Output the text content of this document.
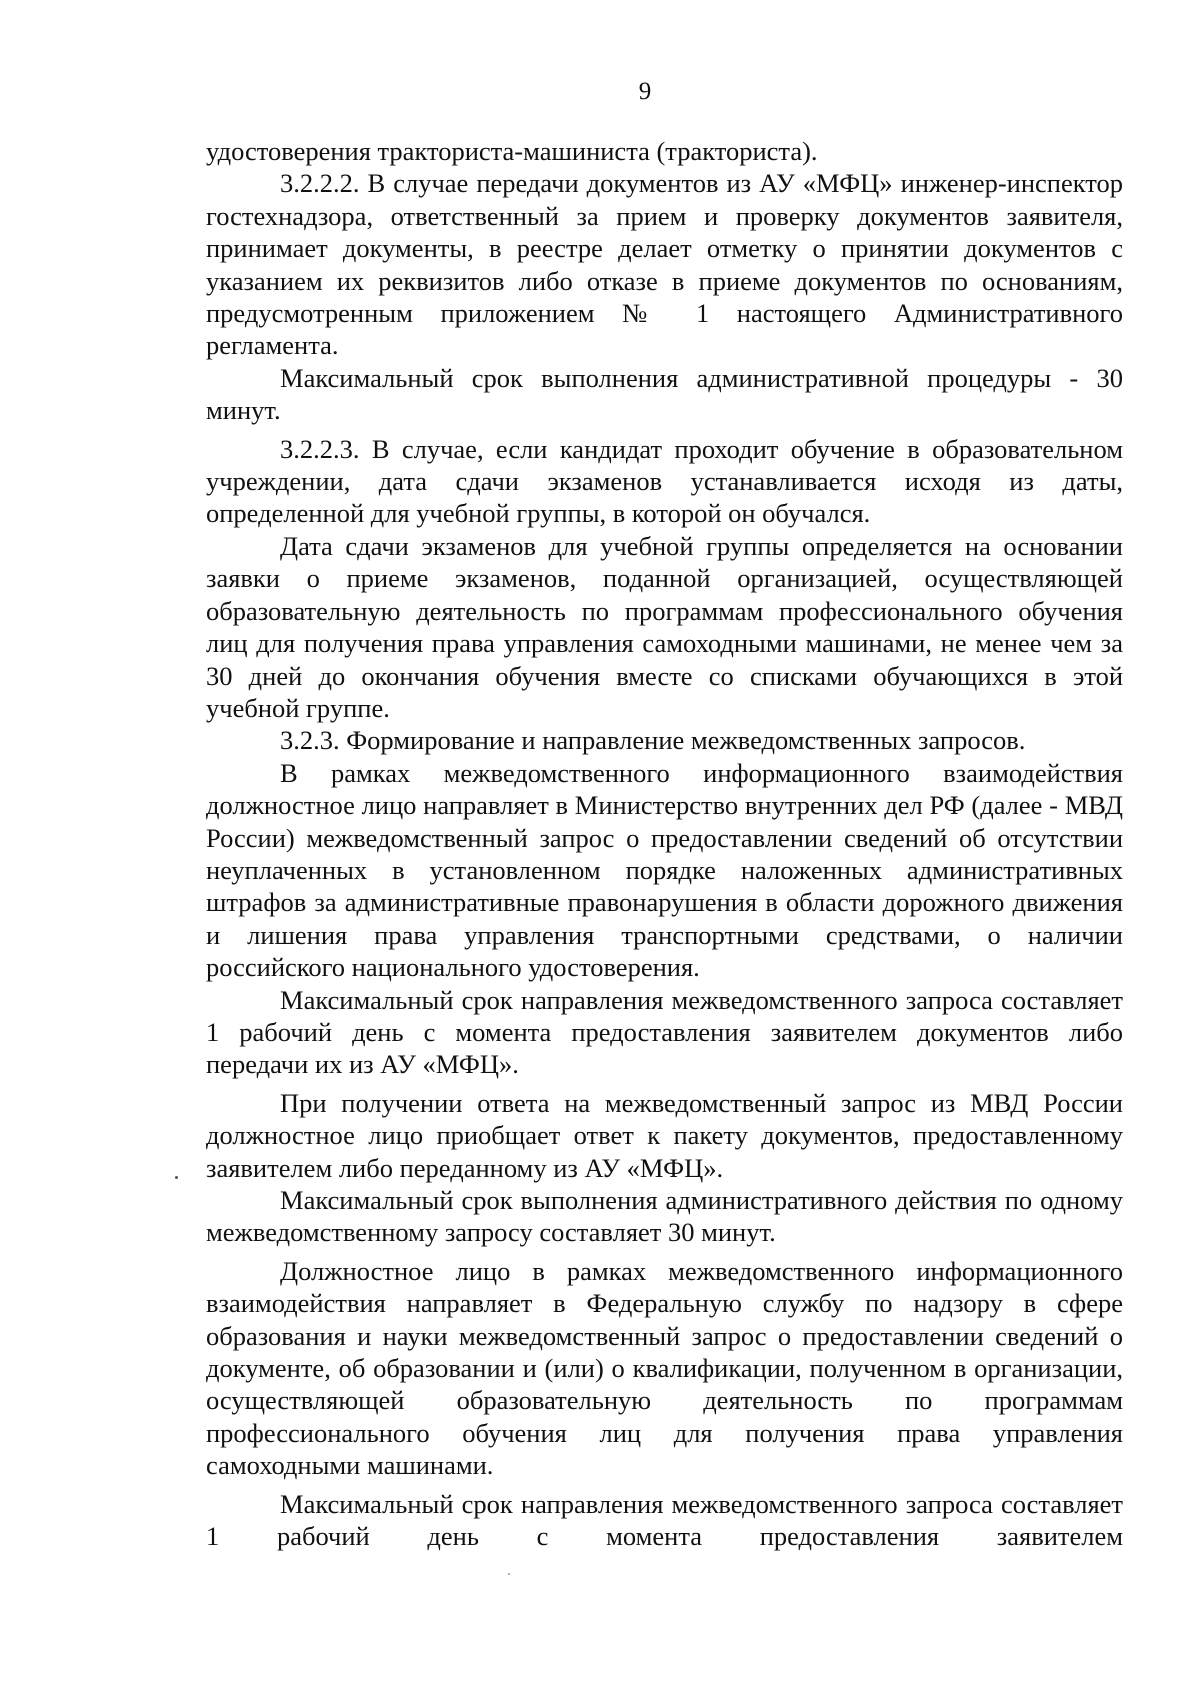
9

удостоверения тракториста-машиниста (тракториста).

3.2.2.2. В случае передачи документов из АУ «МФЦ» инженер-инспектор гостехнадзора, ответственный за прием и проверку документов заявителя, принимает документы, в реестре делает отметку о принятии документов с указанием их реквизитов либо отказе в приеме документов по основаниям, предусмотренным приложением № 1 настоящего Административного регламента.

Максимальный срок выполнения административной процедуры - 30 минут.

3.2.2.3. В случае, если кандидат проходит обучение в образовательном учреждении, дата сдачи экзаменов устанавливается исходя из даты, определенной для учебной группы, в которой он обучался.

Дата сдачи экзаменов для учебной группы определяется на основании заявки о приеме экзаменов, поданной организацией, осуществляющей образовательную деятельность по программам профессионального обучения лиц для получения права управления самоходными машинами, не менее чем за 30 дней до окончания обучения вместе со списками обучающихся в этой учебной группе.

3.2.3. Формирование и направление межведомственных запросов.

В рамках межведомственного информационного взаимодействия должностное лицо направляет в Министерство внутренних дел РФ (далее - МВД России) межведомственный запрос о предоставлении сведений об отсутствии неуплаченных в установленном порядке наложенных административных штрафов за административные правонарушения в области дорожного движения и лишения права управления транспортными средствами, о наличии российского национального удостоверения.

Максимальный срок направления межведомственного запроса составляет 1 рабочий день с момента предоставления заявителем документов либо передачи их из АУ «МФЦ».

При получении ответа на межведомственный запрос из МВД России должностное лицо приобщает ответ к пакету документов, предоставленному заявителем либо переданному из АУ «МФЦ».

Максимальный срок выполнения административного действия по одному межведомственному запросу составляет 30 минут.

Должностное лицо в рамках межведомственного информационного взаимодействия направляет в Федеральную службу по надзору в сфере образования и науки межведомственный запрос о предоставлении сведений о документе, об образовании и (или) о квалификации, полученном в организации, осуществляющей образовательную деятельность по программам профессионального обучения лиц для получения права управления самоходными машинами.

Максимальный срок направления межведомственного запроса составляет 1 рабочий день с момента предоставления заявителем
